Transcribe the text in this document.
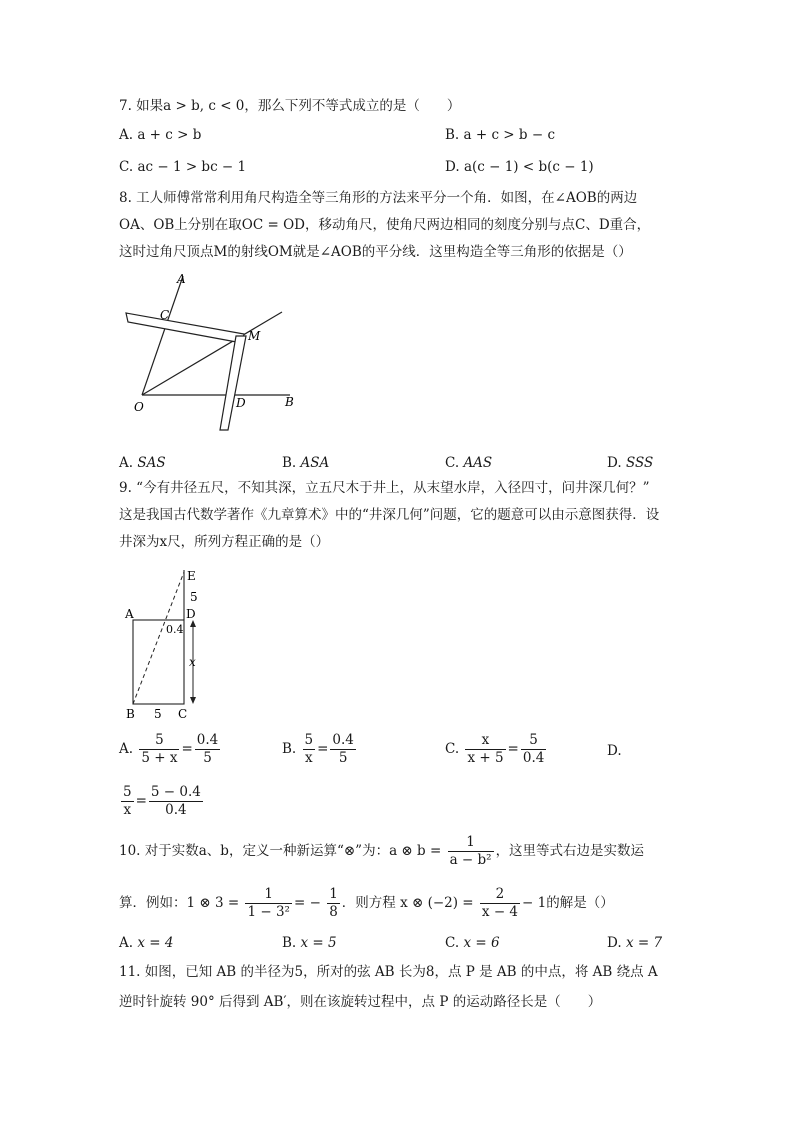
7. 如果a > b, c < 0，那么下列不等式成立的是（　　）
A. a + c > b	B. a + c > b − c
C. ac − 1 > bc − 1	D. a(c − 1) < b(c − 1)
8. 工人师傅常常利用角尺构造全等三角形的方法来平分一个角．如图，在∠AOB的两边
OA、OB上分别在取OC = OD，移动角尺，使角尺两边相同的刻度分别与点C、D重合，
这时过角尺顶点M的射线OM就是∠AOB的平分线．这里构造全等三角形的依据是（）
C
A
M
O	D	B
A. SAS	B. ASA	C. AAS	D. SSS
9. “今有井径五尺，不知其深，立五尺木于井上，从末望水岸，入径四寸，问井深几何？”
这是我国古代数学著作《九章算术》中的“井深几何”问题，它的题意可以由示意图获得．设
井深为x尺，所列方程正确的是（）
E
5
A	D
0.4
x
B 5 C
A. $\frac{5}{5 + x} = \frac{0.4}{5}$	B. $\frac{5}{x} = \frac{0.4}{5}$	C. $\frac{x}{x + 5} = \frac{5}{0.4}$	D.
$\frac{5}{x} = \frac{5 - 0.4}{0.4}$
10. 对于实数a、b，定义一种新运算“⊗”为：a ⊗ $b = \frac{1}{\text{a − b²}}$ ，这里等式右边是实数运
算．例如：1 ⊗ $3 = \frac{1}{\text{1 − 3²}}$ = − $\frac{1}{8}$ ．则方程 x ⊗ $(-2) = \frac{2}{x - 4} - 1$的解是（）
A. x = 4	B. x = 5	C. x = 6	D. x = 7
11. 如图，已知 AB 的半径为5，所对的弦 AB 长为8，点 P 是 AB 的中点，将 AB 绕点 A
逆时针旋转 90° 后得到 AB′，则在该旋转过程中，点 P 的运动路径长是（　　）
